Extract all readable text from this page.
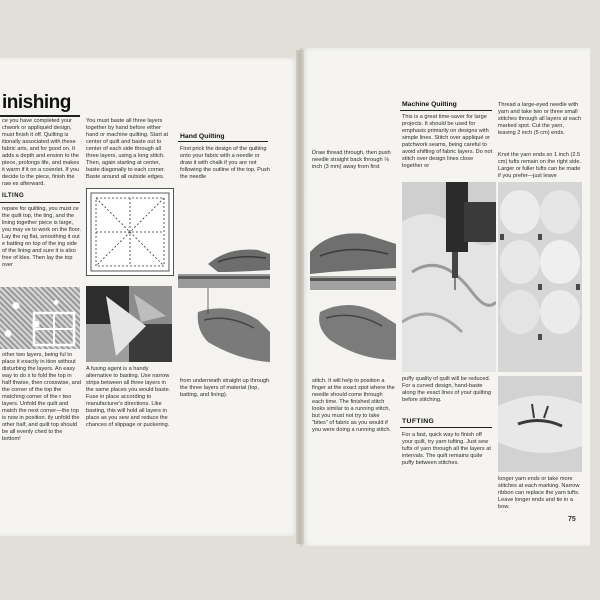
inishing

ce you have completed your chwork or appliquéd design, must finish it off. Quilting is itionally associated with these fabric arts, and for good on. It adds a depth and ension to the piece, prolongs life, and makes it warm if it on a coverlet. If you decide to the piece, finish the raw es afterward.

ILTING

repare for quilting, you must ce the quilt top, the ting, and the lining together piece is large, you may ve to work on the floor. Lay the ng flat, smoothing it out e batting on top of the ing side of the lining and sure it is also free of kles. Then lay the top over

other two layers, being ful to place it exactly in ition without disturbing the layers. An easy way to do s to fold the top in half thwise, then crosswise, and the corner of the top the matching corner of the r two layers. Unfold the quilt and match the next corner—the top is now in position. tly unfold the other half, and quilt top should be all evenly ched to the bottom!

You must baste all three layers together by hand before either hand or machine quilting. Start at center of quilt and baste out to center of each side through all three layers, using a long stitch. Then, again starting at center, baste diagonally to each corner. Baste around all outside edges.

A fusing agent is a handy alternative to basting. Use narrow strips between all three layers in the same places you would baste. Fuse in place according to manufacturer's directions. Like basting, this will hold all layers in place as you sew and reduce the chances of slippage or puckering.

Hand Quilting

First prick the design of the quilting onto your fabric with a needle or draw it with chalk if you are not following the outline of the top. Push the needle

from underneath straight up through the three layers of material (top, batting, and lining).

Draw thread through, then push needle straight back through ⅛ inch (3 mm) away from first

stitch. It will help to position a finger at the exact spot where the needle should come through each time. The finished stitch looks similar to a running stitch, but you must not try to take "bites" of fabric as you would if you were doing a running stitch.

Machine Quilting

This is a great time-saver for large projects. It should be used for emphasis primarily on designs with simple lines. Stitch over appliqué or patchwork seams, being careful to avoid shifting of fabric layers. Do not stitch over design lines close together or

puffy quality of quilt will be reduced. For a curved design, hand-baste along the exact lines of your quilting before stitching.

TUFTING

For a fast, quick way to finish off your quilt, try yarn tufting. Just sew tufts of yarn through all the layers at intervals. The quilt remains quite puffy between stitches.

Thread a large-eyed needle with yarn and take two or three small stitches through all layers at each marked spot. Cut the yarn, leaving 2 inch (5 cm) ends.

Knot the yarn ends so 1 inch (2.5 cm) tufts remain on the right side. Larger or fuller tufts can be made if you prefer—just leave

longer yarn ends or take more stitches at each marking. Narrow ribbon can replace the yarn tufts. Leave longer ends and tie in a bow.

75
